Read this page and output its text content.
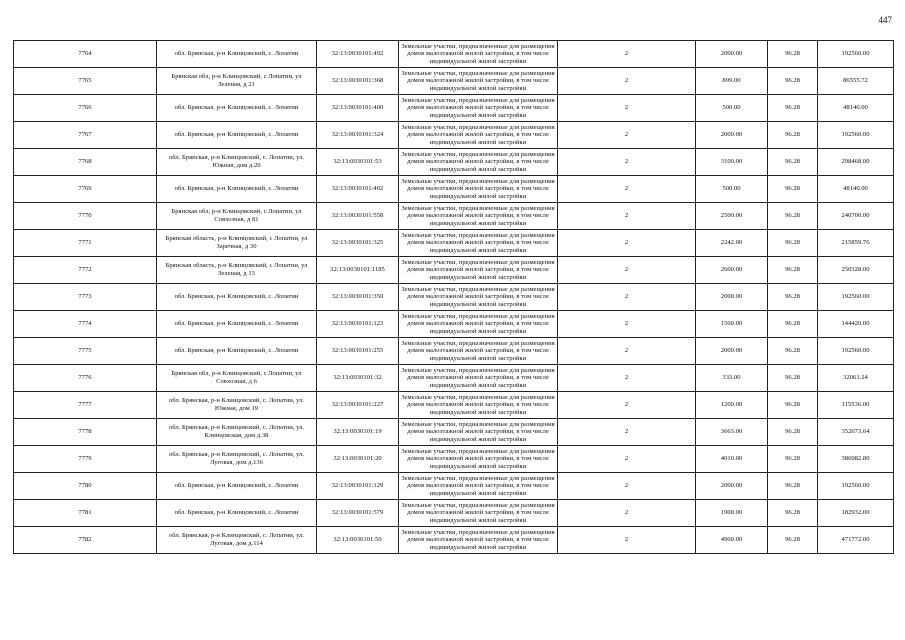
447
7764	обл. Брянская, р-н Клинцовский, с. Лопатни	32:13:0030101:492	Земельные участки, предназначенные для размещения домов малоэтажной жилой застройки, в том числе индивидуальной жилой застройки	2	2000.00	96.28	192560.00
7765	Брянская обл, р-н Клинцовский, с Лопатни, ул Зеленая, д 21	32:13:0030101:368	Земельные участки, предназначенные для размещения домов малоэтажной жилой застройки, в том числе индивидуальной жилой застройки	2	899.00	96.28	86555.72
7766	обл. Брянская, р-н Клинцовский, с. Лопатни	32:13:0030101:400	Земельные участки, предназначенные для размещения домов малоэтажной жилой застройки, в том числе индивидуальной жилой застройки	2	500.00	96.28	48140.00
7767	обл. Брянская, р-н Клинцовский, с. Лопатни	32:13:0030101:324	Земельные участки, предназначенные для размещения домов малоэтажной жилой застройки, в том числе индивидуальной жилой застройки	2	2000.00	96.28	192560.00
7768	обл. Брянская, р-н Клинцовский, с. Лопатни, ул. Южная, дом д.20	32:13:0030101:53	Земельные участки, предназначенные для размещения домов малоэтажной жилой застройки, в том числе индивидуальной жилой застройки	2	3100.00	96.28	298468.00
7769	обл. Брянская, р-н Клинцовский, с. Лопатни	32:13:0030101:402	Земельные участки, предназначенные для размещения домов малоэтажной жилой застройки, в том числе индивидуальной жилой застройки	2	500.00	96.28	48140.00
7770	Брянская обл, р-н Клинцовский, с Лопатни, ул Совхозная, д 81	32:13:0030101:558	Земельные участки, предназначенные для размещения домов малоэтажной жилой застройки, в том числе индивидуальной жилой застройки	2	2500.00	96.28	240700.00
7771	Брянская область, р-н Клинцовский, с Лопатни, ул Заречная, д 30	32:13:0030101:325	Земельные участки, предназначенные для размещения домов малоэтажной жилой застройки, в том числе индивидуальной жилой застройки	2	2242.00	96.28	215859.76
7772	Брянская область, р-н Клинцовский, с Лопатни, ул Зеленая, д 13	32:13:0030101:1185	Земельные участки, предназначенные для размещения домов малоэтажной жилой застройки, в том числе индивидуальной жилой застройки	2	2600.00	96.28	250328.00
7773	обл. Брянская, р-н Клинцовский, с. Лопатни	32:13:0030101:350	Земельные участки, предназначенные для размещения домов малоэтажной жилой застройки, в том числе индивидуальной жилой застройки	2	2000.00	96.28	192560.00
7774	обл. Брянская, р-н Клинцовский, с. Лопатни	32:13:0030101:123	Земельные участки, предназначенные для размещения домов малоэтажной жилой застройки, в том числе индивидуальной жилой застройки	2	1500.00	96.28	144420.00
7775	обл. Брянская, р-н Клинцовский, с. Лопатни	32:13:0030101:255	Земельные участки, предназначенные для размещения домов малоэтажной жилой застройки, в том числе индивидуальной жилой застройки	2	2000.00	96.28	192560.00
7776	Брянская обл, р-н Клинцовский, с Лопатни, ул Совхозная, д 6	32:13:0030101:32	Земельные участки, предназначенные для размещения домов малоэтажной жилой застройки, в том числе индивидуальной жилой застройки	2	333.00	96.28	32061.24
7777	обл. Брянская, р-н Клинцовский, с. Лопатни, ул. Южная, дом 19	32:13:0030101:227	Земельные участки, предназначенные для размещения домов малоэтажной жилой застройки, в том числе индивидуальной жилой застройки	2	1200.00	96.28	115536.00
7778	обл. Брянская, р-н Клинцовский, с. Лопатни, ул. Клинцовская, дом д.38	32:13:0030101:19	Земельные участки, предназначенные для размещения домов малоэтажной жилой застройки, в том числе индивидуальной жилой застройки	2	3663.00	96.28	352673.64
7779	обл. Брянская, р-н Клинцовский, с. Лопатни, ул. Луговая, дом д.136	32:13:0030101:20	Земельные участки, предназначенные для размещения домов малоэтажной жилой застройки, в том числе индивидуальной жилой застройки	2	4010.00	96.28	386082.80
7780	обл. Брянская, р-н Клинцовский, с. Лопатни	32:13:0030101:129	Земельные участки, предназначенные для размещения домов малоэтажной жилой застройки, в том числе индивидуальной жилой застройки	2	2000.00	96.28	192560.00
7781	обл. Брянская, р-н Клинцовский, с. Лопатни	32:13:0030101:579	Земельные участки, предназначенные для размещения домов малоэтажной жилой застройки, в том числе индивидуальной жилой застройки	2	1900.00	96.28	182932.00
7782	обл. Брянская, р-н Клинцовский, с. Лопатни, ул. Луговая, дом д.114	32:13:0030101:50	Земельные участки, предназначенные для размещения домов малоэтажной жилой застройки, в том числе индивидуальной жилой застройки	2	4900.00	96.28	471772.00
